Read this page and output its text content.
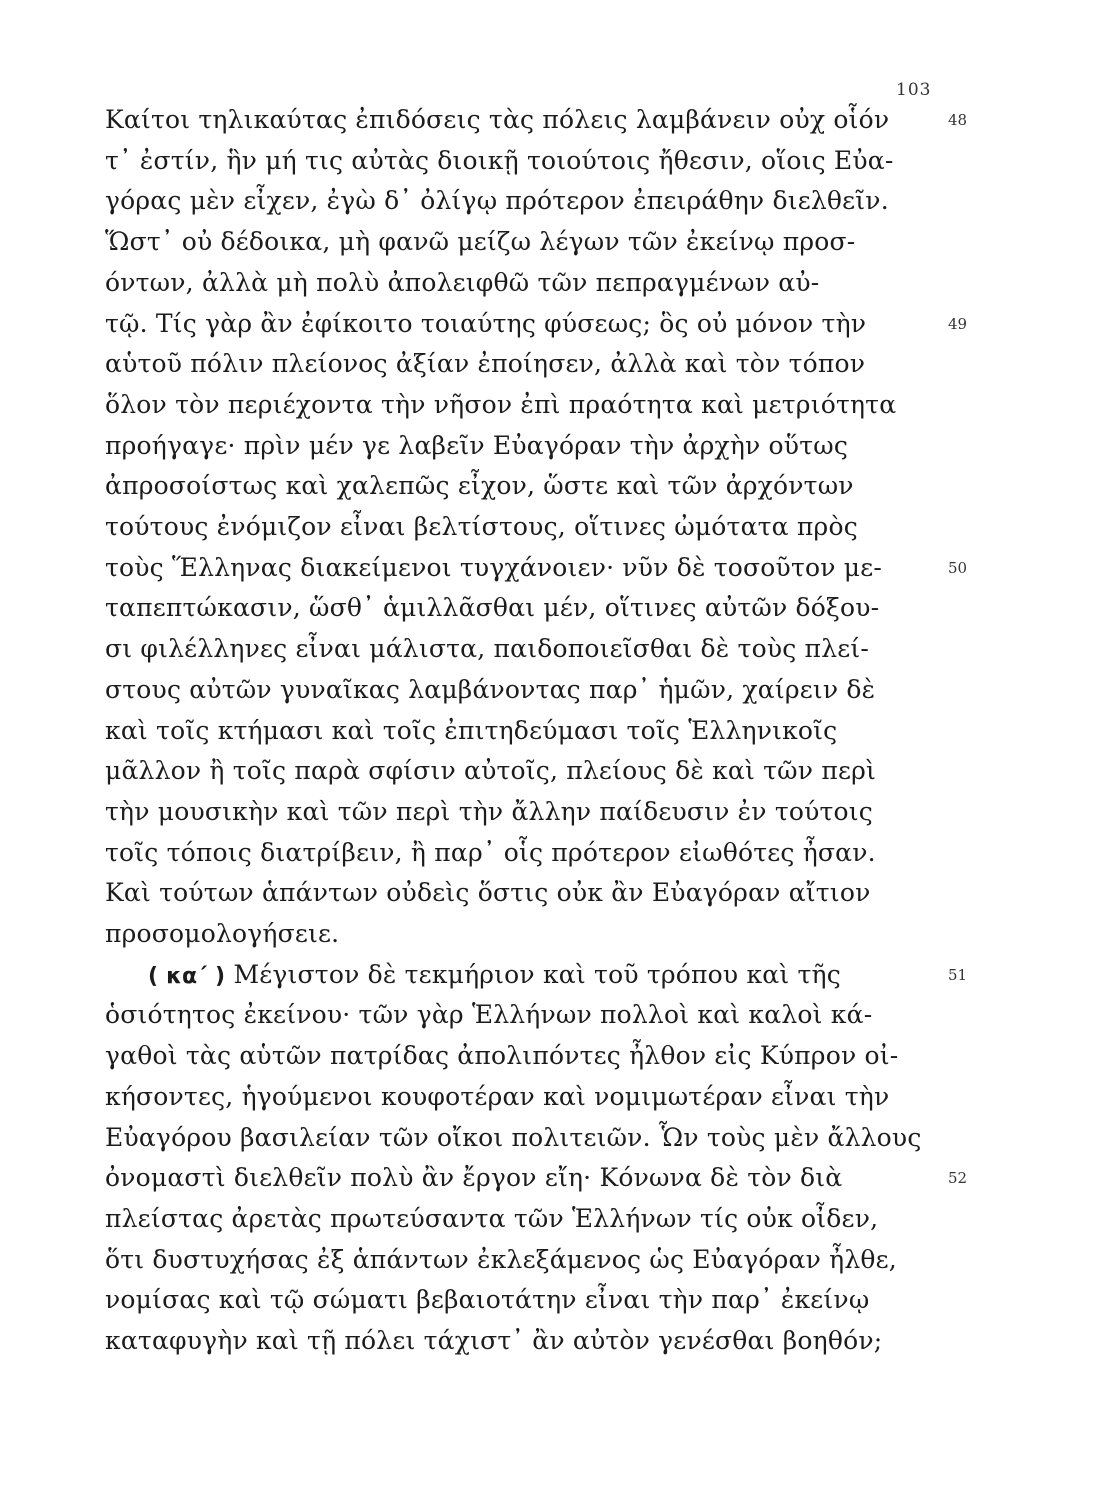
103
Καίτοι τηλικαύτας ἐπιδόσεις τὰς πόλεις λαμβάνειν οὐχ οἷόν	48
τ᾽ ἐστίν, ἣν μή τις αὐτὰς διοικῇ τοιούτοις ἤθεσιν, οἵοις Εὐα-
γόρας μὲν εἶχεν, ἐγὼ δ᾽ ὀλίγῳ πρότερον ἐπειράθην διελθεῖν.
Ὥστ᾽ οὐ δέδοικα, μὴ φανῶ μείζω λέγων τῶν ἐκείνῳ προσ-
όντων, ἀλλὰ μὴ πολὺ ἀπολειφθῶ τῶν πεπραγμένων αὐ-
τῷ. Τίς γὰρ ἂν ἐφίκοιτο τοιαύτης φύσεως; ὃς οὐ μόνον τὴν	49
αὑτοῦ πόλιν πλείονος ἀξίαν ἐποίησεν, ἀλλὰ καὶ τὸν τόπον
ὅλον τὸν περιέχοντα τὴν νῆσον ἐπὶ πραότητα καὶ μετριότητα
προήγαγε· πρὶν μέν γε λαβεῖν Εὐαγόραν τὴν ἀρχὴν οὕτως
ἀπροσοίστως καὶ χαλεπῶς εἶχον, ὥστε καὶ τῶν ἀρχόντων
τούτους ἐνόμιζον εἶναι βελτίστους, οἵτινες ὠμότατα πρὸς
τοὺς Ἕλληνας διακείμενοι τυγχάνοιεν· νῦν δὲ τοσοῦτον με-	50
ταπεπτώκασιν, ὥσθ᾽ ἁμιλλᾶσθαι μέν, οἵτινες αὐτῶν δόξου-
σι φιλέλληνες εἶναι μάλιστα, παιδοποιεῖσθαι δὲ τοὺς πλεί-
στους αὐτῶν γυναῖκας λαμβάνοντας παρ᾽ ἡμῶν, χαίρειν δὲ
καὶ τοῖς κτήμασι καὶ τοῖς ἐπιτηδεύμασι τοῖς Ἑλληνικοῖς
μᾶλλον ἢ τοῖς παρὰ σφίσιν αὐτοῖς, πλείους δὲ καὶ τῶν περὶ
τὴν μουσικὴν καὶ τῶν περὶ τὴν ἄλλην παίδευσιν ἐν τούτοις
τοῖς τόποις διατρίβειν, ἢ παρ᾽ οἷς πρότερον εἰωθότες ἦσαν.
Καὶ τούτων ἁπάντων οὐδεὶς ὅστις οὐκ ἂν Εὐαγόραν αἴτιον
προσομολογήσειε.
( κα΄ ) Μέγιστον δὲ τεκμήριον καὶ τοῦ τρόπου καὶ τῆς	51
ὁσιότητος ἐκείνου· τῶν γὰρ Ἑλλήνων πολλοὶ καὶ καλοὶ κά-
γαθοὶ τὰς αὑτῶν πατρίδας ἀπολιπόντες ἦλθον εἰς Κύπρον οἰ-
κήσοντες, ἡγούμενοι κουφοτέραν καὶ νομιμωτέραν εἶναι τὴν
Εὐαγόρου βασιλείαν τῶν οἴκοι πολιτειῶν. Ὧν τοὺς μὲν ἄλλους
ὀνομαστὶ διελθεῖν πολὺ ἂν ἔργον εἴη· Κόνωνα δὲ τὸν διὰ	52
πλείστας ἀρετὰς πρωτεύσαντα τῶν Ἑλλήνων τίς οὐκ οἶδεν,
ὅτι δυστυχήσας ἐξ ἁπάντων ἐκλεξάμενος ὡς Εὐαγόραν ἦλθε,
νομίσας καὶ τῷ σώματι βεβαιοτάτην εἶναι τὴν παρ᾽ ἐκείνῳ
καταφυγὴν καὶ τῇ πόλει τάχιστ᾽ ἂν αὐτὸν γενέσθαι βοηθόν;
